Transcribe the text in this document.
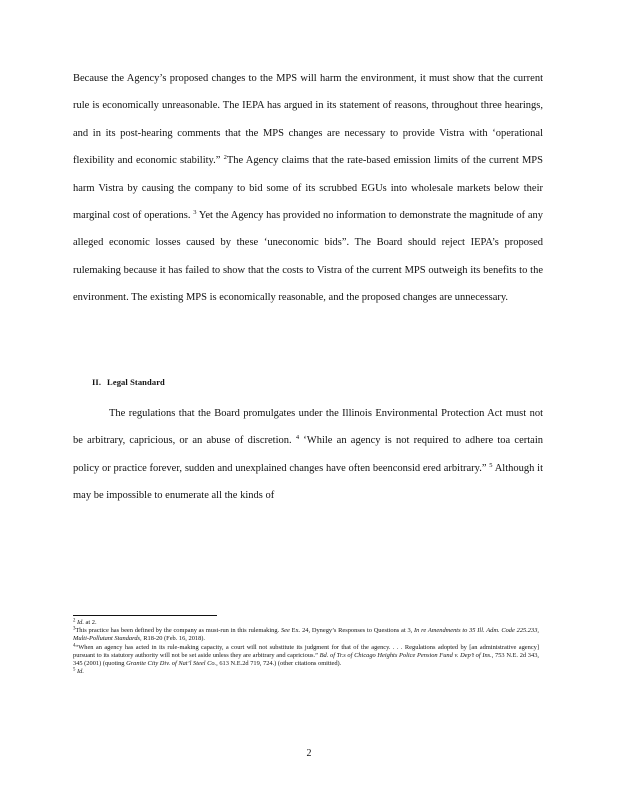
Because the Agency’s proposed changes to the MPS will harm the environment, it must show that the current rule is economically unreasonable. The IEPA has argued in its statement of reasons, throughout three hearings, and in its post-hearing comments that the MPS changes are necessary to provide Vistra with ‘operational flexibility and economic stability.” $^2$The Agency claims that the rate-based emission limits of the current MPS harm Vistra by causing the company to bid some of its scrubbed EGUs into wholesale markets below their marginal cost of operations. $^3$ Yet the Agency has provided no information to demonstrate the magnitude of any alleged economic losses caused by these ‘uneconomic bids”. The Board should reject IEPA’s proposed rulemaking because it has failed to show that the costs to Vistra of the current MPS outweigh its benefits to the environment. The existing MPS is economically reasonable, and the proposed changes are unnecessary.

II. Legal Standard

The regulations that the Board promulgates under the Illinois Environmental Protection Act must not be arbitrary, capricious, or an abuse of discretion. $^4$ ‘While an agency is not required to adhere toa certain policy or practice forever, sudden and unexplained changes have often beenconsid ered arbitrary.” $^5$ Although it may be impossible to enumerate all the kinds of

$^2$ Id. at 2.

$^3$This practice has been defined by the company as must-run in this rulemaking. See Ex. 24, Dynegy’s Responses to Questions at 3, In re Amendments to 35 Ill. Adm. Code 225.233, Multi-Pollutant Standards, R18-20 (Feb. 16, 2018).

$^4$“When an agency has acted in its rule-making capacity, a court will not substitute its judgment for that of the agency. . . . Regulations adopted by [an administrative agency] pursuant to its statutory authority will not be set aside unless they are arbitrary and capricious.” Bd. of Tr.s of Chicago Heights Police Pension Fund v. Dep’t of Ins., 753 N.E. 2d 343, 345 (2001) (quoting Granite City Div. of Nat’l Steel Co., 613 N.E.2d 719, 724.) (other citations omitted).

$^5$ Id.

2
